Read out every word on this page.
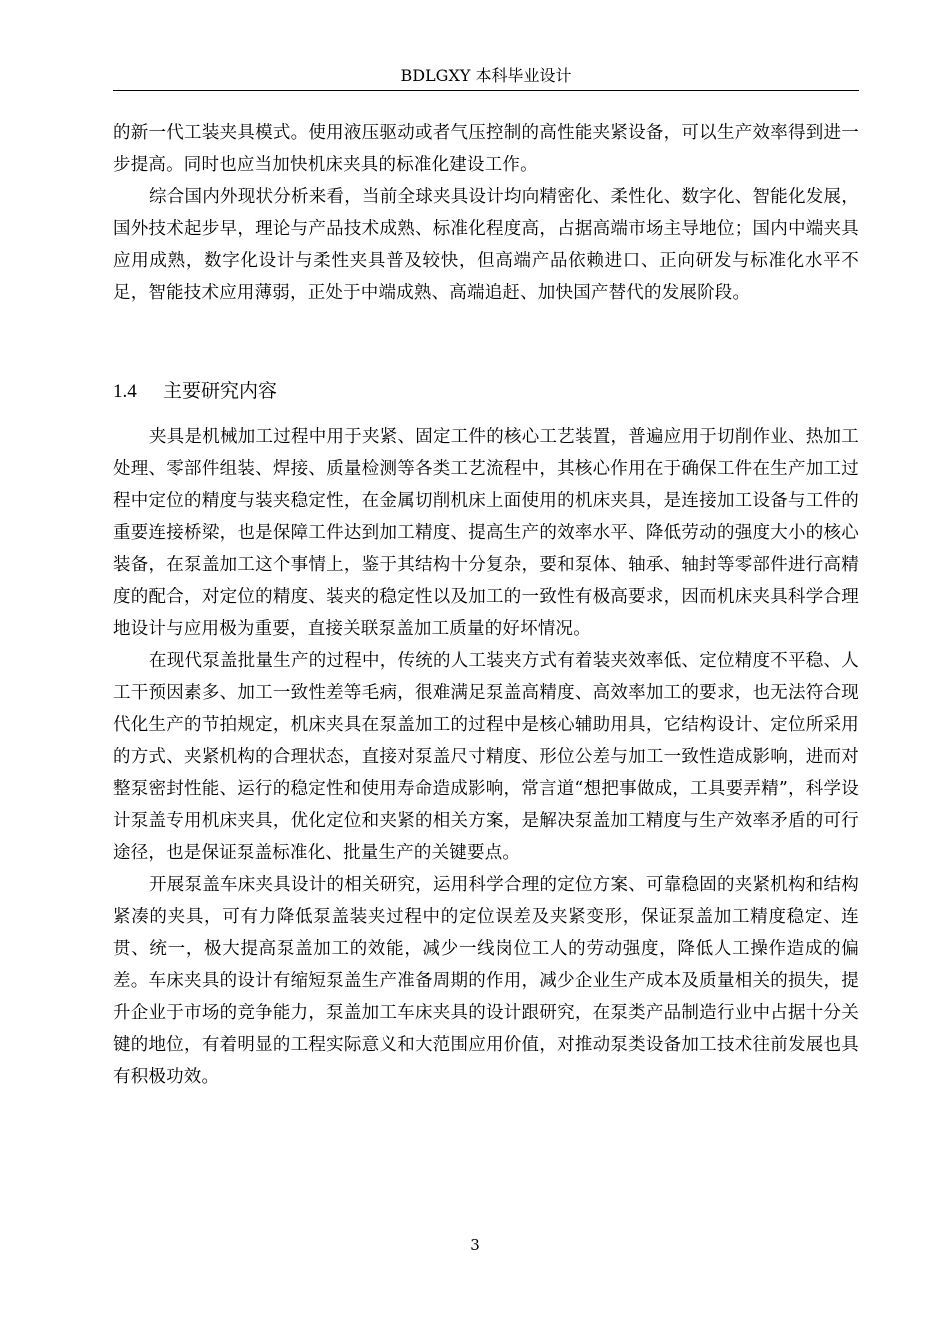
BDLGXY 本科毕业设计

的新一代工装夹具模式。使用液压驱动或者气压控制的高性能夹紧设备，可以生产效率得到进一步提高。同时也应当加快机床夹具的标准化建设工作。

综合国内外现状分析来看，当前全球夹具设计均向精密化、柔性化、数字化、智能化发展，国外技术起步早，理论与产品技术成熟、标准化程度高，占据高端市场主导地位；国内中端夹具应用成熟，数字化设计与柔性夹具普及较快，但高端产品依赖进口、正向研发与标准化水平不足，智能技术应用薄弱，正处于中端成熟、高端追赶、加快国产替代的发展阶段。

1.4 主要研究内容

夹具是机械加工过程中用于夹紧、固定工件的核心工艺装置，普遍应用于切削作业、热加工处理、零部件组装、焊接、质量检测等各类工艺流程中，其核心作用在于确保工件在生产加工过程中定位的精度与装夹稳定性，在金属切削机床上面使用的机床夹具，是连接加工设备与工件的重要连接桥梁，也是保障工件达到加工精度、提高生产的效率水平、降低劳动的强度大小的核心装备，在泵盖加工这个事情上，鉴于其结构十分复杂，要和泵体、轴承、轴封等零部件进行高精度的配合，对定位的精度、装夹的稳定性以及加工的一致性有极高要求，因而机床夹具科学合理地设计与应用极为重要，直接关联泵盖加工质量的好坏情况。

在现代泵盖批量生产的过程中，传统的人工装夹方式有着装夹效率低、定位精度不平稳、人工干预因素多、加工一致性差等毛病，很难满足泵盖高精度、高效率加工的要求，也无法符合现代化生产的节拍规定，机床夹具在泵盖加工的过程中是核心辅助用具，它结构设计、定位所采用的方式、夹紧机构的合理状态，直接对泵盖尺寸精度、形位公差与加工一致性造成影响，进而对整泵密封性能、运行的稳定性和使用寿命造成影响，常言道“想把事做成，工具要弄精”，科学设计泵盖专用机床夹具，优化定位和夹紧的相关方案，是解决泵盖加工精度与生产效率矛盾的可行途径，也是保证泵盖标准化、批量生产的关键要点。

开展泵盖车床夹具设计的相关研究，运用科学合理的定位方案、可靠稳固的夹紧机构和结构紧凑的夹具，可有力降低泵盖装夹过程中的定位误差及夹紧变形，保证泵盖加工精度稳定、连贯、统一，极大提高泵盖加工的效能，减少一线岗位工人的劳动强度，降低人工操作造成的偏差。车床夹具的设计有缩短泵盖生产准备周期的作用，减少企业生产成本及质量相关的损失，提升企业于市场的竞争能力，泵盖加工车床夹具的设计跟研究，在泵类产品制造行业中占据十分关键的地位，有着明显的工程实际意义和大范围应用价值，对推动泵类设备加工技术往前发展也具有积极功效。

3
